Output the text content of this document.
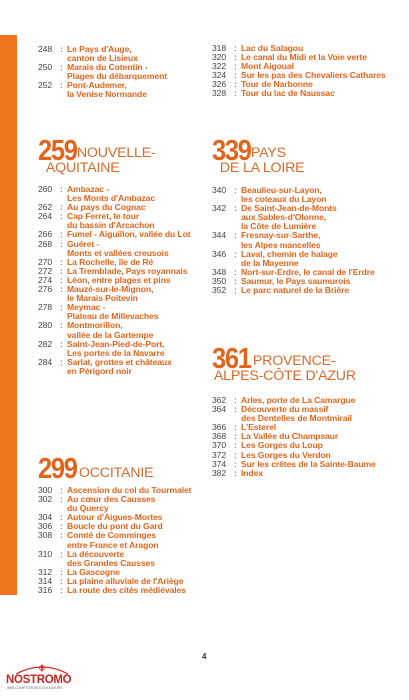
248 : Le Pays d'Auge,
canton de Lisieux
250 : Marais du Cotentin -
Plages du débarquement
252 : Pont-Audemer,
la Venise Normande
259 NOUVELLE-
AQUITAINE
260 : Ambazac -
Les Monts d'Ambazac
262 : Au pays du Cognac
264 : Cap Ferret, le tour
du bassin d'Arcachon
266 : Fumel - Aiguillon, vallée du Lot
268 : Guéret -
Monts et vallées creusois
270 : La Rochelle, île de Ré
272 : La Tremblade, Pays royannais
274 : Léon, entre plages et pins
276 : Mauzé-sur-le-Mignon,
le Marais Poitevin
278 : Meymac -
Plateau de Millevaches
280 : Montmorillon,
vallée de la Gartempe
282 : Saint-Jean-Pied-de-Port,
Les portes de la Navarre
284 : Sarlat, grottes et châteaux
en Périgord noir
299 OCCITANIE
300 : Ascension du col du Tourmalet
302 : Au cœur des Causses
du Quercy
304 : Autour d'Aigues-Mortes
306 : Boucle du pont du Gard
308 : Comté de Comminges
entre France et Aragon
310 : La découverte
des Grandes Causses
312 : La Gascogne
314 : La plaine alluviale de l'Ariège
316 : La route des cités médiévales
318 : Lac du Salagou
320 : Le canal du Midi et la Voie verte
322 : Mont Aigoual
324 : Sur les pas des Chevaliers Cathares
326 : Tour de Narbonne
328 : Tour du lac de Naussac
339 PAYS
DE LA LOIRE
340 : Beaulieu-sur-Layon,
les coteaux du Layon
342 : De Saint-Jean-de-Monts
aux Sables-d'Olonne,
la Côte de Lumière
344 : Fresnay-sur-Sarthe,
les Alpes mancelles
346 : Laval, chemin de halage
de la Mayenne
348 : Nort-sur-Erdre, le canal de l'Erdre
350 : Saumur, le Pays saumurois
352 : Le parc naturel de la Brière
361 PROVENCE-
ALPES-CÔTE D'AZUR
362 : Arles, porte de La Camargue
364 : Découverte du massif
des Dentelles de Montmirail
366 : L'Esterel
368 : La Vallée du Champsaur
370 : Les Gorges du Loup
372 : Les Gorges du Verdon
374 : Sur les crêtes de la Sainte-Baume
382 : Index
4
NOSTROMO
WEB COMPTOIR DES VOYAGEURS
